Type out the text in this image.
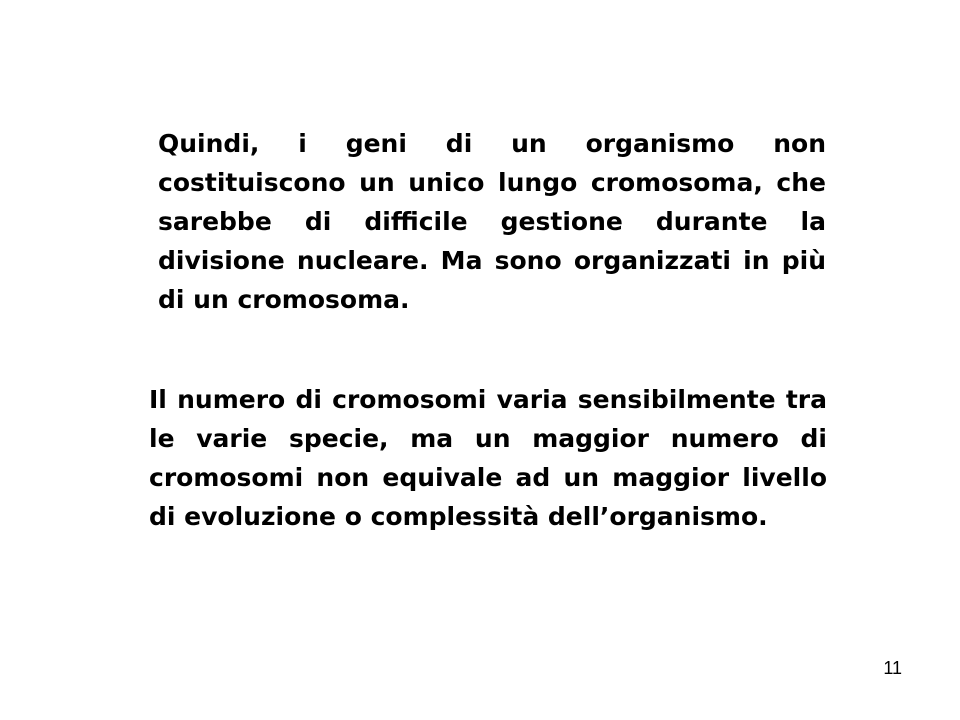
Quindi, i geni di un organismo non costituiscono un unico lungo cromosoma, che sarebbe di difficile gestione durante la divisione nucleare. Ma sono organizzati in più di un cromosoma.

Il numero di cromosomi varia sensibilmente tra le varie specie, ma un maggior numero di cromosomi non equivale ad un maggior livello di evoluzione o complessità dell’organismo.

11
